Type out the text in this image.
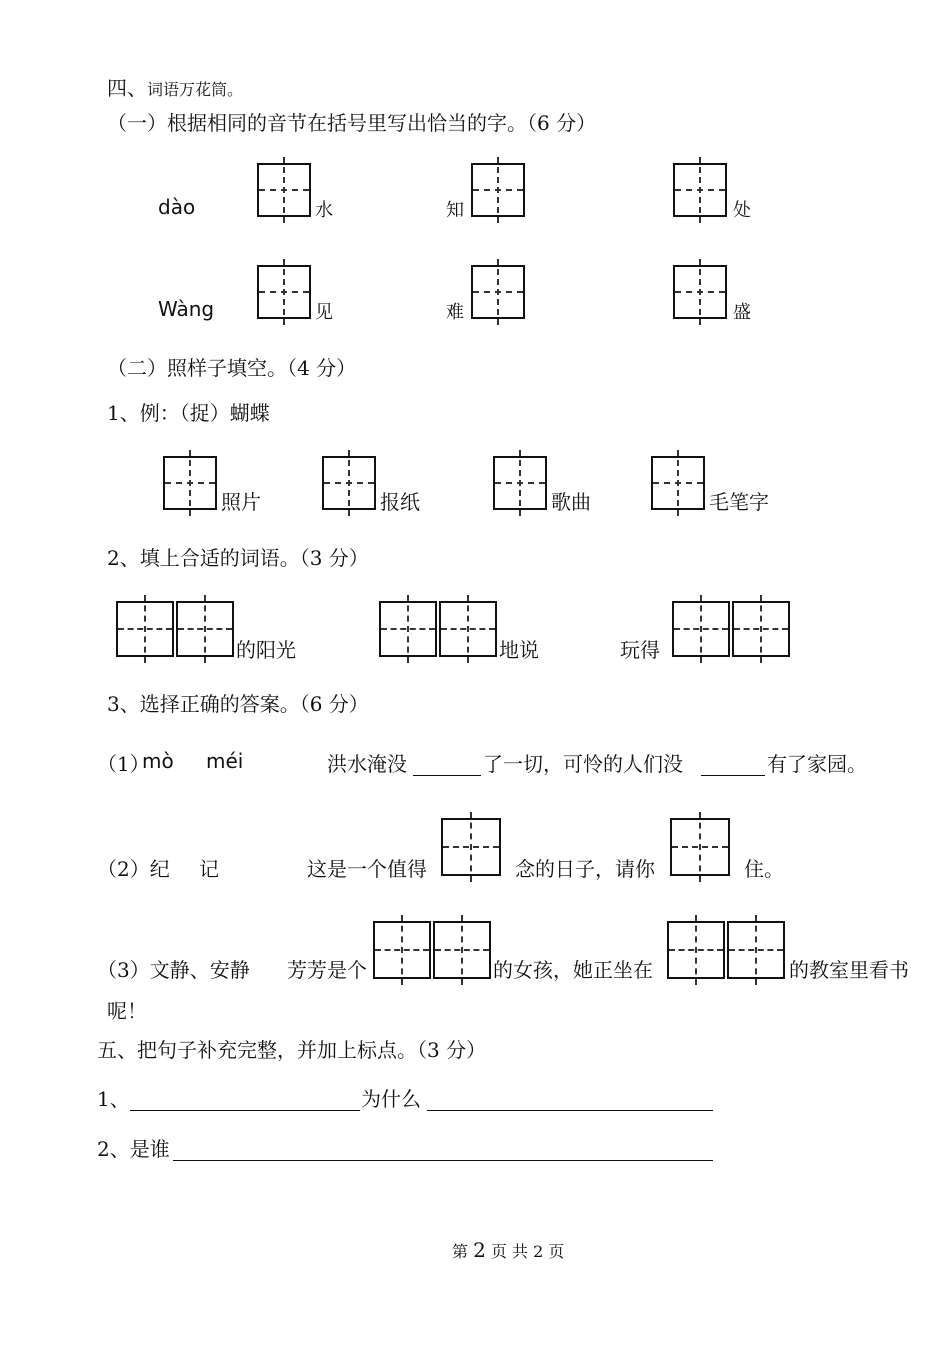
四、词语万花筒。
（一）根据相同的音节在括号里写出恰当的字。（6 分）
dào	水	知	处
Wàng	见	难	盛
（二）照样子填空。（4 分）
1、例：（捉）蝴蝶
照片	报纸	歌曲	毛笔字
2、填上合适的词语。（3 分）
的阳光	地说	玩得
3、选择正确的答案。（6 分）
（1）
mò méi	洪水淹没	了一切，可怜的人们没	有了家园。
（2）纪 记	这是一个值得	念的日子，请你	住。
（3）文静、安静 芳芳是个	的女孩，她正坐在	的教室里看书
呢！
五、把句子补充完整，并加上标点。（3 分）
1、	为什么
2、是谁
第 2 页 共 2 页
